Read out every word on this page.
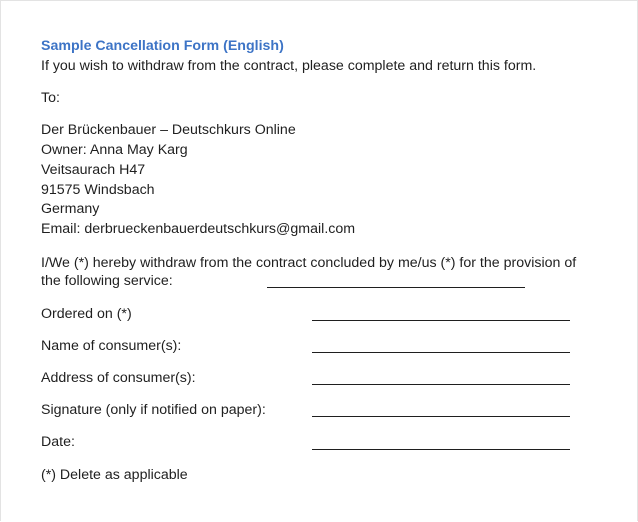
Sample Cancellation Form (English)
If you wish to withdraw from the contract, please complete and return this form.
To:
Der Brückenbauer – Deutschkurs Online
Owner: Anna May Karg
Veitsaurach H47
91575 Windsbach
Germany
Email: derbrueckenbauerdeutschkurs@gmail.com
I/We (*) hereby withdraw from the contract concluded by me/us (*) for the provision of
the following service:
Ordered on (*)
Name of consumer(s):
Address of consumer(s):
Signature (only if notified on paper):
Date:
(*) Delete as applicable
